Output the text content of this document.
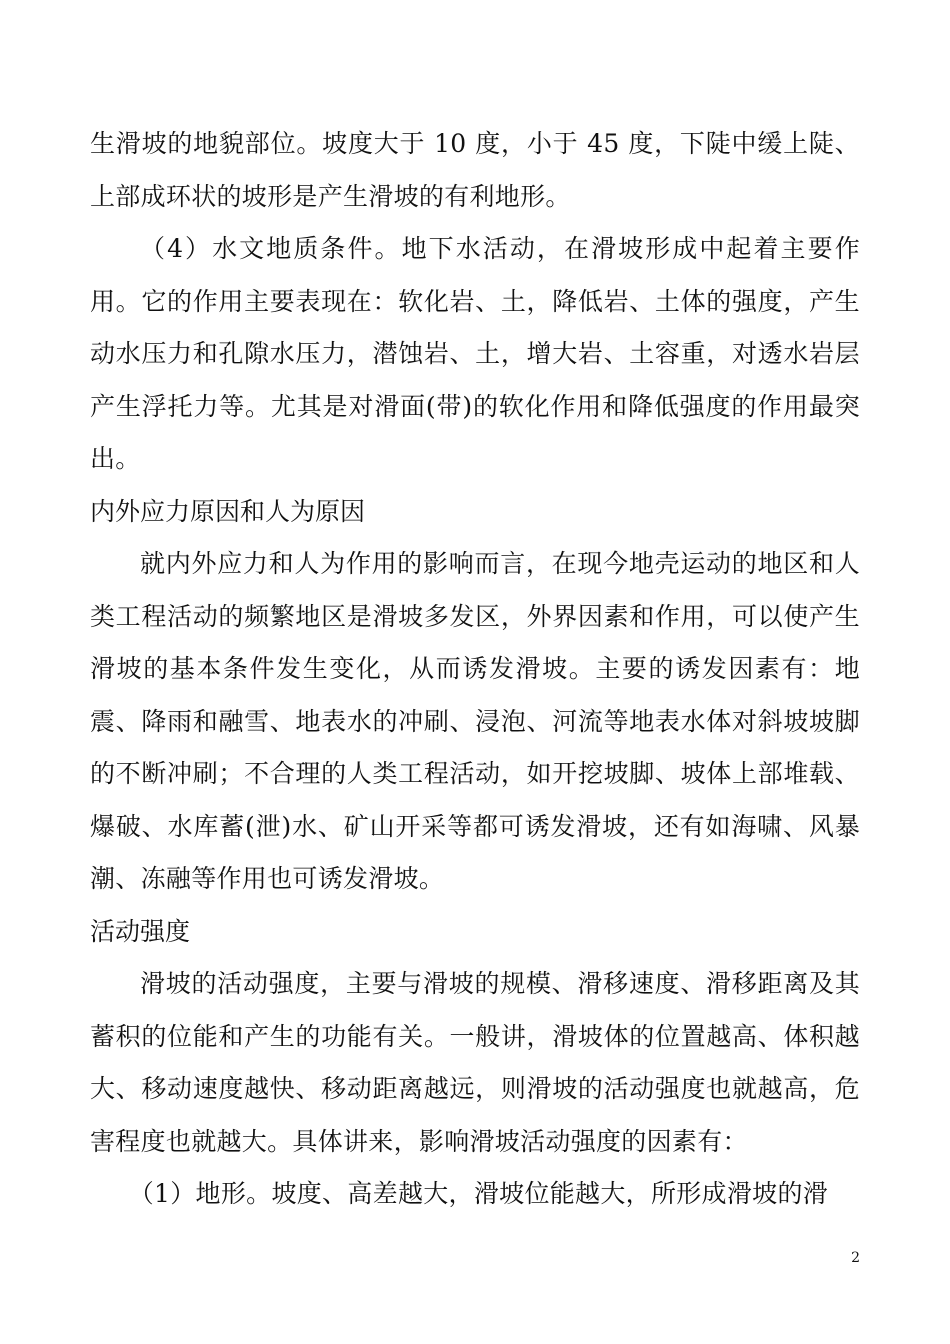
生滑坡的地貌部位。坡度大于 10 度，小于 45 度，下陡中缓上陡、上部成环状的坡形是产生滑坡的有利地形。

（4）水文地质条件。地下水活动，在滑坡形成中起着主要作用。它的作用主要表现在：软化岩、土，降低岩、土体的强度，产生动水压力和孔隙水压力，潜蚀岩、土，增大岩、土容重，对透水岩层产生浮托力等。尤其是对滑面(带)的软化作用和降低强度的作用最突出。

内外应力原因和人为原因

就内外应力和人为作用的影响而言，在现今地壳运动的地区和人类工程活动的频繁地区是滑坡多发区，外界因素和作用，可以使产生滑坡的基本条件发生变化，从而诱发滑坡。主要的诱发因素有：地震、降雨和融雪、地表水的冲刷、浸泡、河流等地表水体对斜坡坡脚的不断冲刷；不合理的人类工程活动，如开挖坡脚、坡体上部堆载、爆破、水库蓄(泄)水、矿山开采等都可诱发滑坡，还有如海啸、风暴潮、冻融等作用也可诱发滑坡。

活动强度

滑坡的活动强度，主要与滑坡的规模、滑移速度、滑移距离及其蓄积的位能和产生的功能有关。一般讲，滑坡体的位置越高、体积越大、移动速度越快、移动距离越远，则滑坡的活动强度也就越高，危害程度也就越大。具体讲来，影响滑坡活动强度的因素有：

（1）地形。坡度、高差越大，滑坡位能越大，所形成滑坡的滑

2
